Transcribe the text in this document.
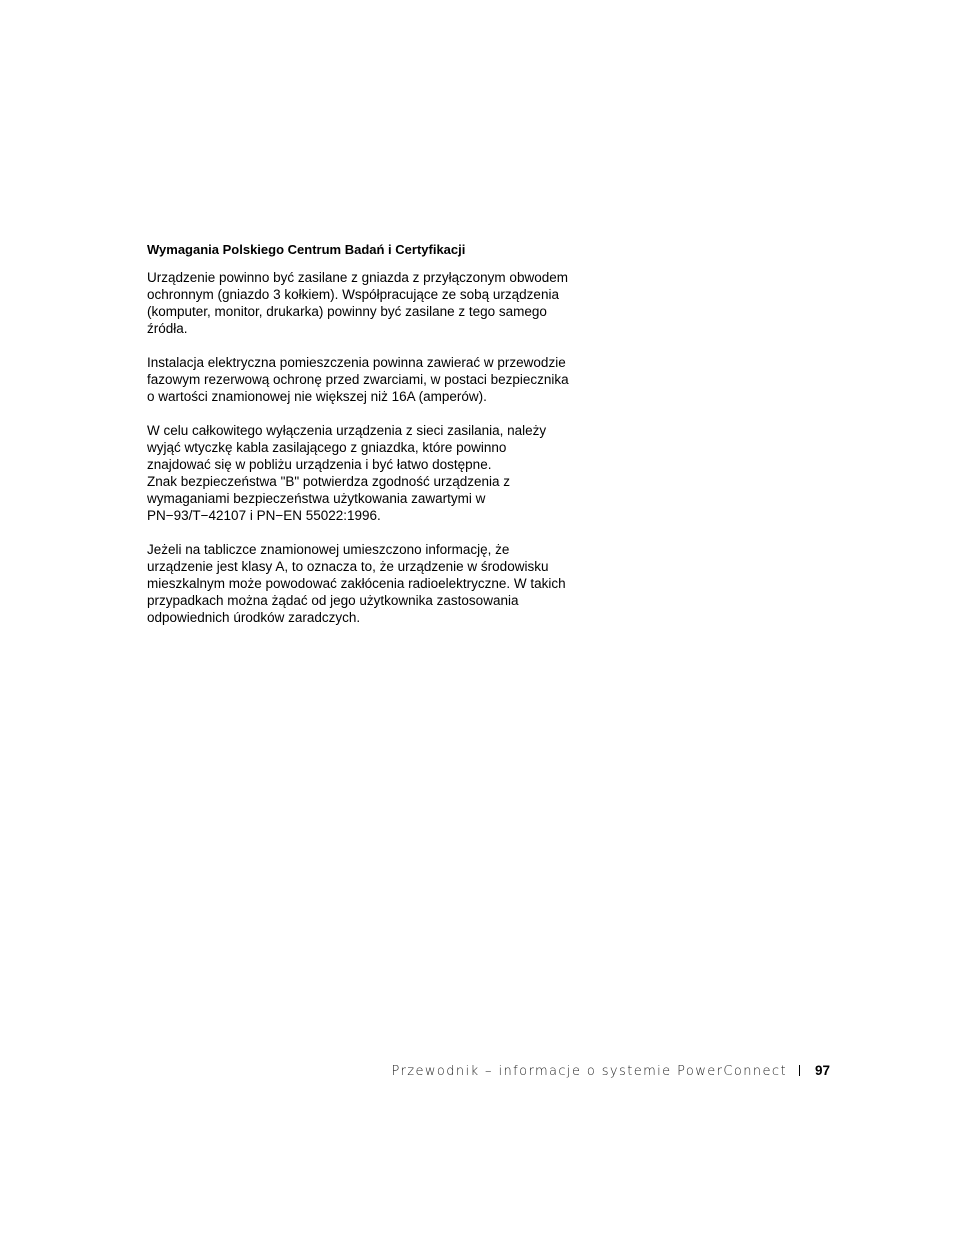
Wymagania Polskiego Centrum Badań i Certyfikacji
Urządzenie powinno być zasilane z gniazda z przyłączonym obwodem
ochronnym (gniazdo 3 kołkiem). Współpracujące ze sobą urządzenia
(komputer, monitor, drukarka) powinny być zasilane z tego samego
źródła.
Instalacja elektryczna pomieszczenia powinna zawierać w przewodzie
fazowym rezerwową ochronę przed zwarciami, w postaci bezpiecznika
o wartości znamionowej nie większej niż 16A (amperów).
W celu całkowitego wyłączenia urządzenia z sieci zasilania, należy
wyjąć wtyczkę kabla zasilającego z gniazdka, które powinno
znajdować się w pobliżu urządzenia i być łatwo dostępne.
Znak bezpieczeństwa "B" potwierdza zgodność urządzenia z
wymaganiami bezpieczeństwa użytkowania zawartymi w
PN−93/T−42107 i PN−EN 55022:1996.
Jeżeli na tabliczce znamionowej umieszczono informację, że
urządzenie jest klasy A, to oznacza to, że urządzenie w środowisku
mieszkalnym może powodować zakłócenia radioelektryczne. W takich
przypadkach można żądać od jego użytkownika zastosowania
odpowiednich úrodków zaradczych.
Przewodnik – informacje o systemie PowerConnect 97
